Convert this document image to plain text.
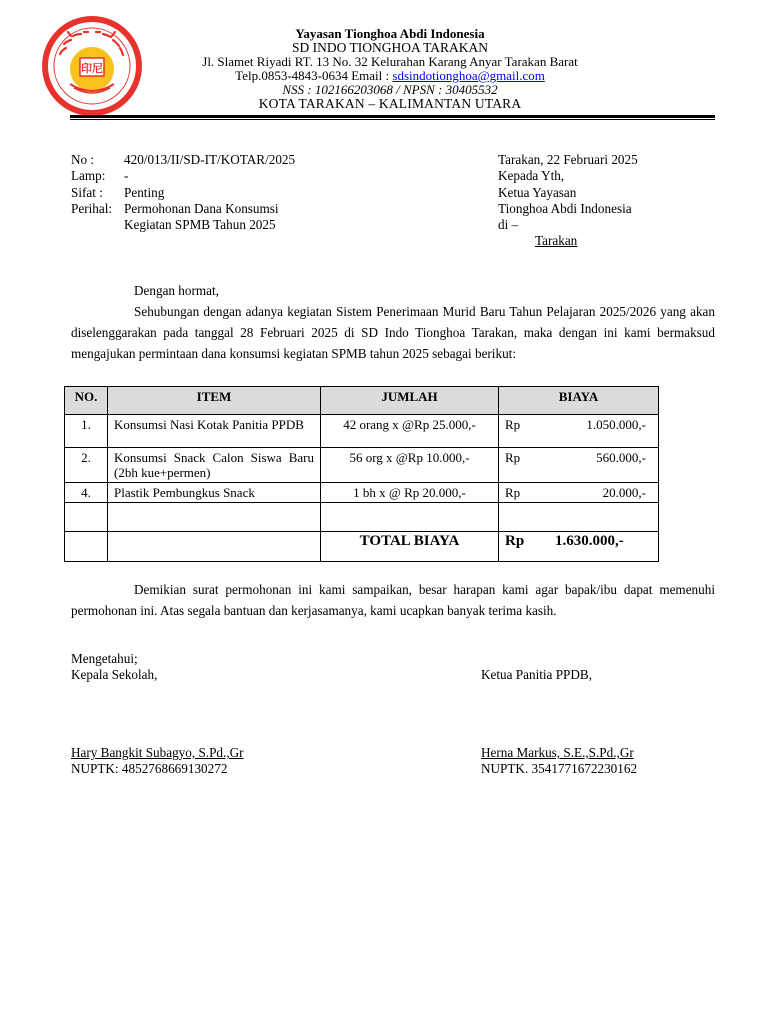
Yayasan Tionghoa Abdi Indonesia
SD INDO TIONGHOA TARAKAN
Jl. Slamet Riyadi RT. 13 No. 32 Kelurahan Karang Anyar Tarakan Barat
Telp.0853-4843-0634 Email : sdsindotionghoa@gmail.com
NSS : 102166203068 / NPSN : 30405532
KOTA TARAKAN – KALIMANTAN UTARA
印尼
No :	420/013/II/SD-IT/KOTAR/2025
Lamp:	-
Sifat :	Penting
Perihal: Permohonan Dana Konsumsi
Kegiatan SPMB Tahun 2025
Tarakan, 22 Februari 2025
Kepada Yth,
Ketua Yayasan
Tionghoa Abdi Indonesia
di –
Tarakan

Dengan hormat,

Sehubungan dengan adanya kegiatan Sistem Penerimaan Murid Baru Tahun Pelajaran 2025/2026 yang akan diselenggarakan pada tanggal 28 Februari 2025 di SD Indo Tionghoa Tarakan, maka dengan ini kami bermaksud mengajukan permintaan dana konsumsi kegiatan SPMB tahun 2025 sebagai berikut:

NO.	ITEM	JUMLAH	BIAYA
1.	Konsumsi Nasi Kotak Panitia PPDB	42 orang x @Rp 25.000,-	Rp 1.050.000,-

2.	Konsumsi Snack Calon Siswa Baru (2bh kue+permen)	56 org x @Rp 10.000,-	Rp 560.000,-

4.	Plastik Pembungkus Snack	1 bh x @ Rp 20.000,-	Rp 20.000,-

		TOTAL BIAYA	Rp 1.630.000,-

Demikian surat permohonan ini kami sampaikan, besar harapan kami agar bapak/ibu dapat memenuhi permohonan ini. Atas segala bantuan dan kerjasamanya, kami ucapkan banyak terima kasih.

Mengetahui;
Kepala Sekolah,	Ketua Panitia PPDB,
Hary Bangkit Subagyo, S.Pd.,Gr
NUPTK: 4852768669130272
Herna Markus, S.E.,S.Pd.,Gr
NUPTK. 3541771672230162
